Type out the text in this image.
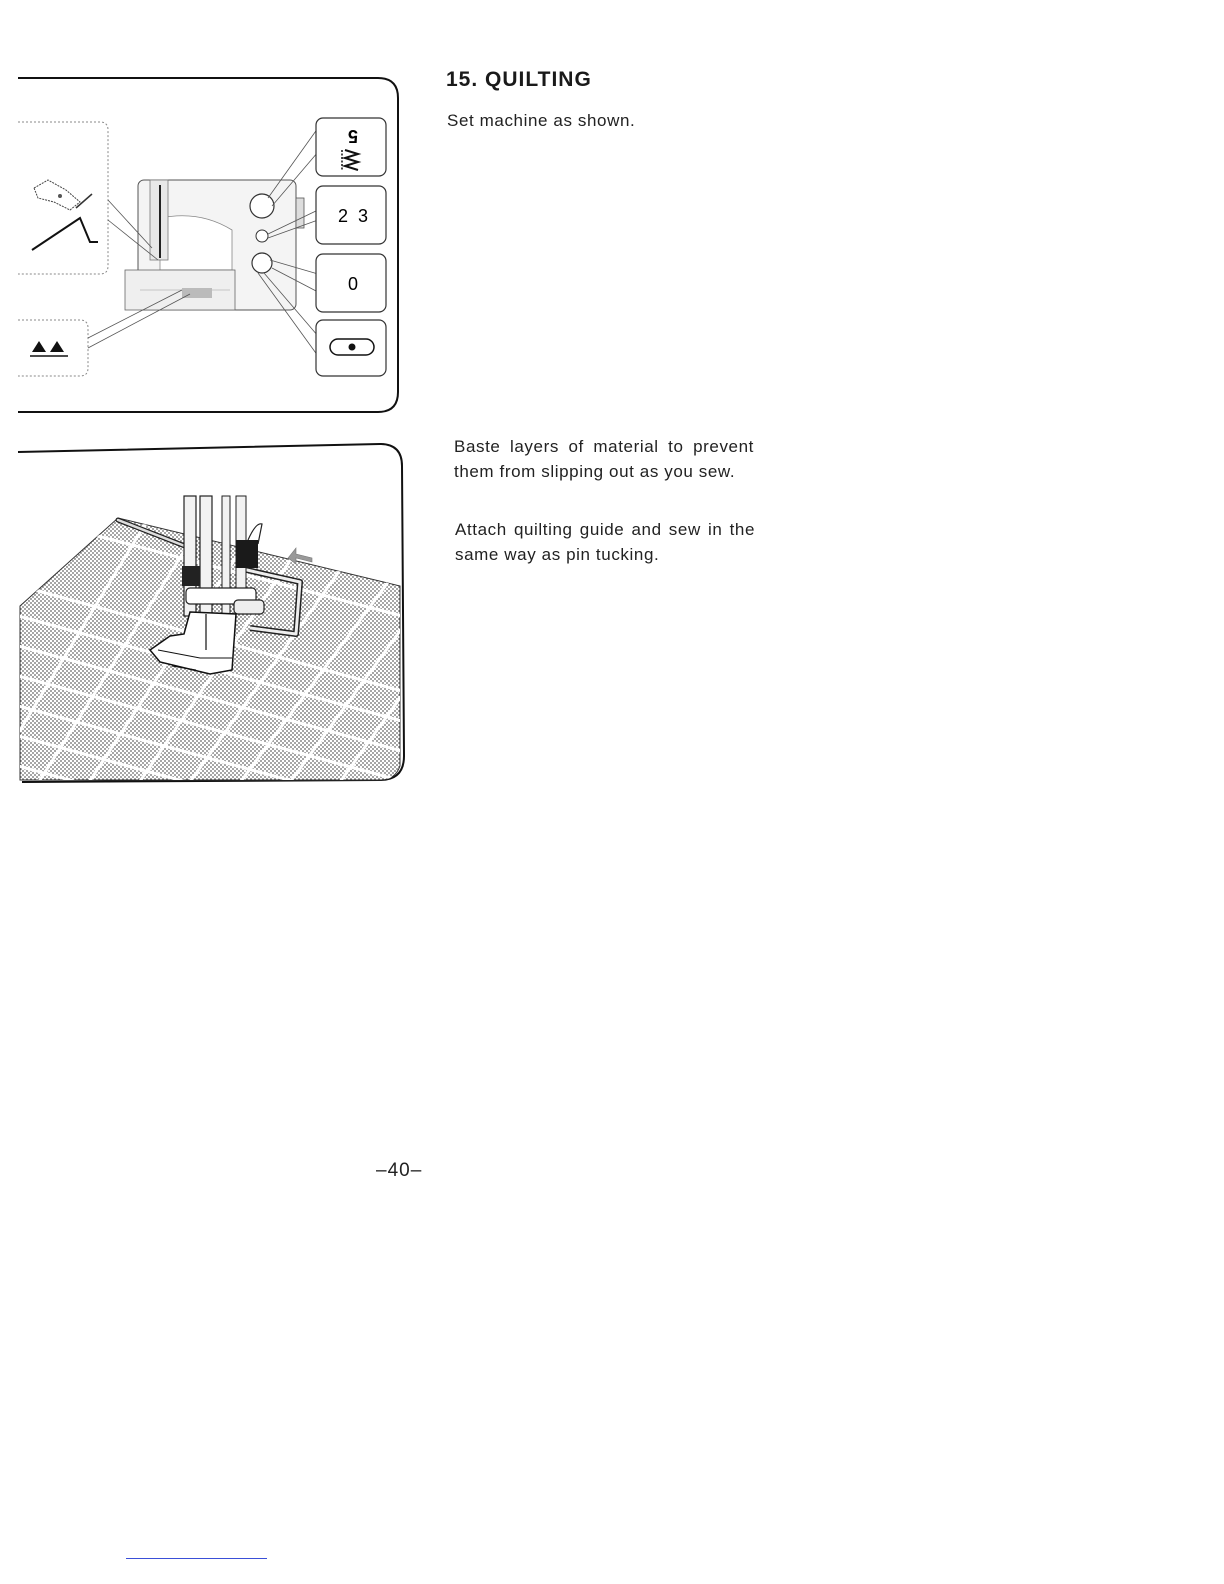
5
2  3
0
15. QUILTING

Set machine as shown.

Baste layers of material to prevent them from slipping out as you sew.

Attach quilting guide and sew in the same way as pin tucking.

–40–
